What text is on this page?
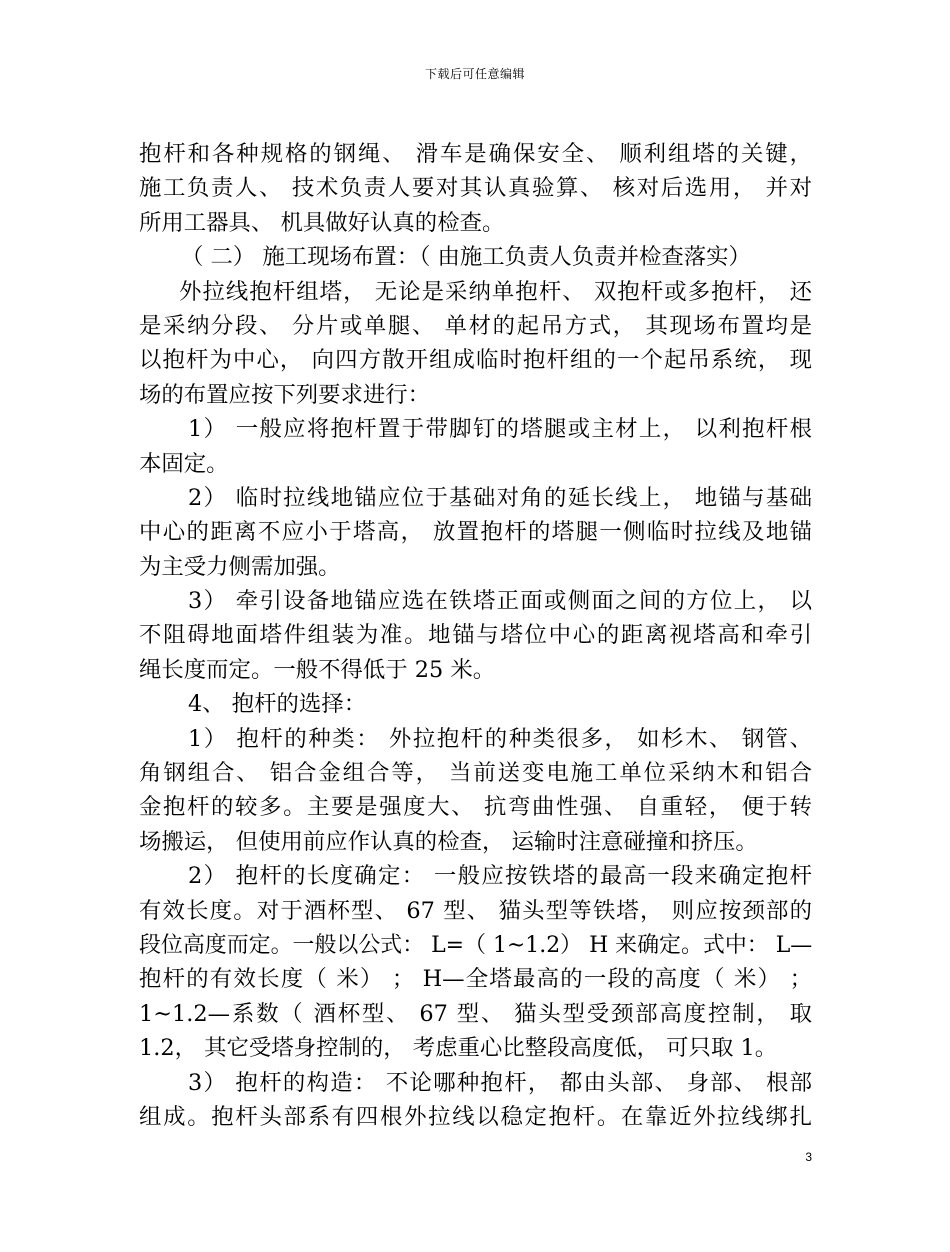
下载后可任意编辑
抱杆和各种规格的钢绳、 滑车是确保安全、 顺利组塔的关键，
施工负责人、 技术负责人要对其认真验算、 核对后选用， 并对
所用工器具、 机具做好认真的检查。
（ 二） 施工现场布置：（ 由施工负责人负责并检查落实）
外拉线抱杆组塔， 无论是采纳单抱杆、 双抱杆或多抱杆， 还
是采纳分段、 分片或单腿、 单材的起吊方式， 其现场布置均是
以抱杆为中心， 向四方散开组成临时抱杆组的一个起吊系统， 现
场的布置应按下列要求进行：
1） 一般应将抱杆置于带脚钉的塔腿或主材上， 以利抱杆根
本固定。
2） 临时拉线地锚应位于基础对角的延长线上， 地锚与基础
中心的距离不应小于塔高， 放置抱杆的塔腿一侧临时拉线及地锚
为主受力侧需加强。
3） 牵引设备地锚应选在铁塔正面或侧面之间的方位上， 以
不阻碍地面塔件组装为准。地锚与塔位中心的距离视塔高和牵引
绳长度而定。一般不得低于 25 米。
4、 抱杆的选择：
1） 抱杆的种类： 外拉抱杆的种类很多， 如杉木、 钢管、
角钢组合、 铝合金组合等， 当前送变电施工单位采纳木和铝合
金抱杆的较多。主要是强度大、 抗弯曲性强、 自重轻， 便于转
场搬运， 但使用前应作认真的检查， 运输时注意碰撞和挤压。
2） 抱杆的长度确定： 一般应按铁塔的最高一段来确定抱杆
有效长度。对于酒杯型、 67 型、 猫头型等铁塔， 则应按颈部的
段位高度而定。一般以公式： L=（ 1~1.2） H 来确定。式中： L—
抱杆的有效长度（ 米） ； H—全塔最高的一段的高度（ 米） ；
1~1.2—系数（ 酒杯型、 67 型、 猫头型受颈部高度控制， 取
1.2， 其它受塔身控制的， 考虑重心比整段高度低， 可只取 1。
3） 抱杆的构造： 不论哪种抱杆， 都由头部、 身部、 根部
组成。抱杆头部系有四根外拉线以稳定抱杆。在靠近外拉线绑扎
3
